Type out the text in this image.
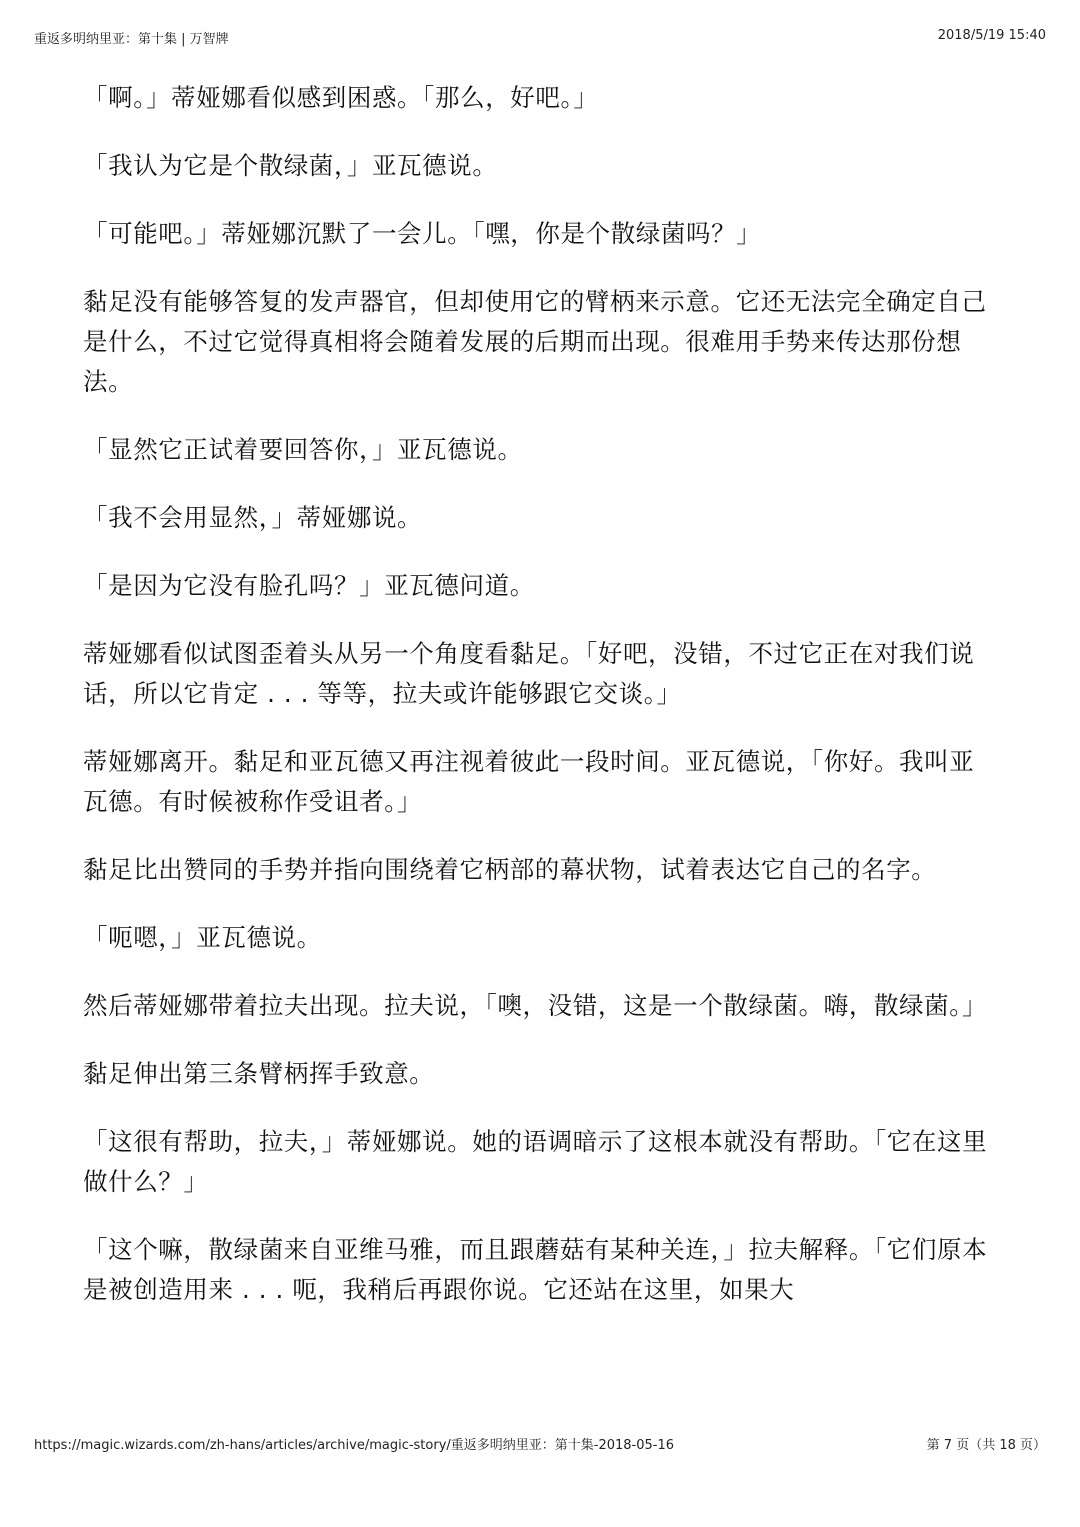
重返多明纳里亚：第十集 | 万智牌	2018/5/19 15:40

「啊。」蒂娅娜看似感到困惑。「那么，好吧。」

「我认为它是个散绿菌，」亚瓦德说。

「可能吧。」蒂娅娜沉默了一会儿。「嘿，你是个散绿菌吗？」

黏足没有能够答复的发声器官，但却使用它的臂柄来示意。它还无法完全确定自己是什么，不过它觉得真相将会随着发展的后期而出现。很难用手势来传达那份想法。

「显然它正试着要回答你，」亚瓦德说。

「我不会用显然，」蒂娅娜说。

「是因为它没有脸孔吗？」亚瓦德问道。

蒂娅娜看似试图歪着头从另一个角度看黏足。「好吧，没错，不过它正在对我们说话，所以它肯定 . . . 等等，拉夫或许能够跟它交谈。」

蒂娅娜离开。黏足和亚瓦德又再注视着彼此一段时间。亚瓦德说，「你好。我叫亚瓦德。有时候被称作受诅者。」

黏足比出赞同的手势并指向围绕着它柄部的幕状物，试着表达它自己的名字。

「呃嗯，」亚瓦德说。

然后蒂娅娜带着拉夫出现。拉夫说，「噢，没错，这是一个散绿菌。嗨，散绿菌。」

黏足伸出第三条臂柄挥手致意。

「这很有帮助，拉夫，」蒂娅娜说。她的语调暗示了这根本就没有帮助。「它在这里做什么？」

「这个嘛，散绿菌来自亚维马雅，而且跟蘑菇有某种关连，」拉夫解释。「它们原本是被创造用来 . . . 呃，我稍后再跟你说。它还站在这里，如果大

https://magic.wizards.com/zh-hans/articles/archive/magic-story/重返多明纳里亚：第十集-2018-05-16	第 7 页（共 18 页）
